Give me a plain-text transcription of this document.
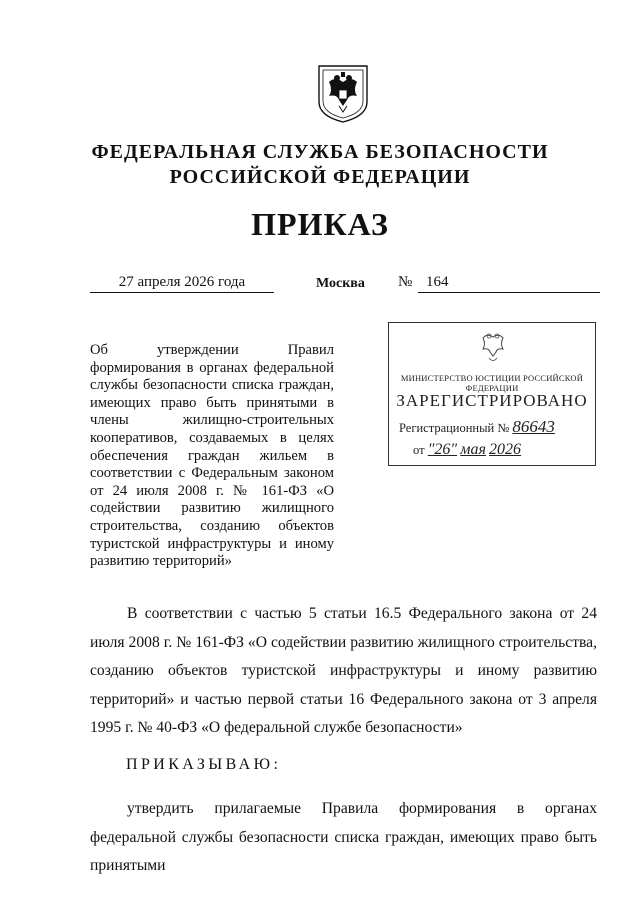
ФЕДЕРАЛЬНАЯ СЛУЖБА БЕЗОПАСНОСТИ
РОССИЙСКОЙ ФЕДЕРАЦИИ
ПРИКАЗ
27 апреля 2026 года	Москва № 164
Об утверждении Правил формирования в органах федеральной службы безопасности списка граждан, имеющих право быть принятыми в члены жилищно-строительных кооперативов, создаваемых в целях обеспечения граждан жильем в соответствии с Федеральным законом от 24 июля 2008 г. № 161-ФЗ «О содействии развитию жилищного строительства, созданию объектов туристской инфраструктуры и иному развитию территорий»
МИНИСТЕРСТВО ЮСТИЦИИ РОССИЙСКОЙ ФЕДЕРАЦИИ
ЗАРЕГИСТРИРОВАНО
Регистрационный № 86643
от "26" мая 2026
В соответствии с частью 5 статьи 16.5 Федерального закона от 24 июля 2008 г. № 161-ФЗ «О содействии развитию жилищного строительства, созданию объектов туристской инфраструктуры и иному развитию территорий» и частью первой статьи 16 Федерального закона от 3 апреля 1995 г. № 40-ФЗ «О федеральной службе безопасности»
ПРИКАЗЫВАЮ:
утвердить прилагаемые Правила формирования в органах федеральной службы безопасности списка граждан, имеющих право быть принятыми
